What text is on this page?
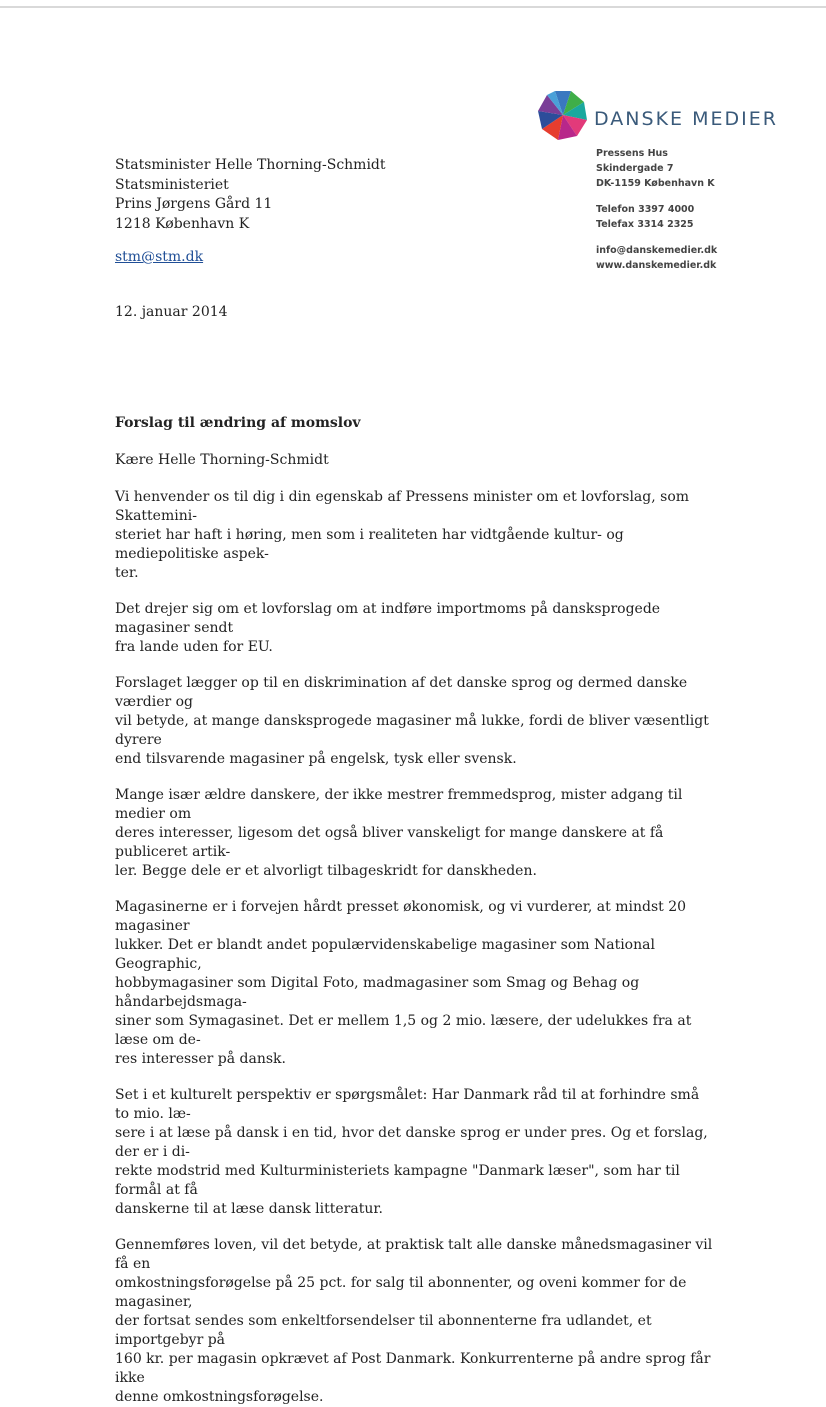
DANSKE MEDIER
Pressens Hus
Skindergade 7
DK-1159 København K
Telefon 3397 4000
Telefax 3314 2325
info@danskemedier.dk
www.danskemedier.dk
Statsminister Helle Thorning-Schmidt
Statsministeriet
Prins Jørgens Gård 11
1218 København K
stm@stm.dk
12. januar 2014
Forslag til ændring af momslov
Kære Helle Thorning-Schmidt

Vi henvender os til dig i din egenskab af Pressens minister om et lovforslag, som Skattemini-
steriet har haft i høring, men som i realiteten har vidtgående kultur- og mediepolitiske aspek-
ter.

Det drejer sig om et lovforslag om at indføre importmoms på dansksprogede magasiner sendt
fra lande uden for EU.

Forslaget lægger op til en diskrimination af det danske sprog og dermed danske værdier og
vil betyde, at mange dansksprogede magasiner må lukke, fordi de bliver væsentligt dyrere
end tilsvarende magasiner på engelsk, tysk eller svensk.

Mange især ældre danskere, der ikke mestrer fremmedsprog, mister adgang til medier om
deres interesser, ligesom det også bliver vanskeligt for mange danskere at få publiceret artik-
ler. Begge dele er et alvorligt tilbageskridt for danskheden.

Magasinerne er i forvejen hårdt presset økonomisk, og vi vurderer, at mindst 20 magasiner
lukker. Det er blandt andet populærvidenskabelige magasiner som National Geographic,
hobbymagasiner som Digital Foto, madmagasiner som Smag og Behag og håndarbejdsmaga-
siner som Symagasinet. Det er mellem 1,5 og 2 mio. læsere, der udelukkes fra at læse om de-
res interesser på dansk.

Set i et kulturelt perspektiv er spørgsmålet: Har Danmark råd til at forhindre små to mio. læ-
sere i at læse på dansk i en tid, hvor det danske sprog er under pres. Og et forslag, der er i di-
rekte modstrid med Kulturministeriets kampagne "Danmark læser", som har til formål at få
danskerne til at læse dansk litteratur.

Gennemføres loven, vil det betyde, at praktisk talt alle danske månedsmagasiner vil få en
omkostningsforøgelse på 25 pct. for salg til abonnenter, og oveni kommer for de magasiner,
der fortsat sendes som enkeltforsendelser til abonnenterne fra udlandet, et importgebyr på
160 kr. per magasin opkrævet af Post Danmark. Konkurrenterne på andre sprog får ikke
denne omkostningsforøgelse.
